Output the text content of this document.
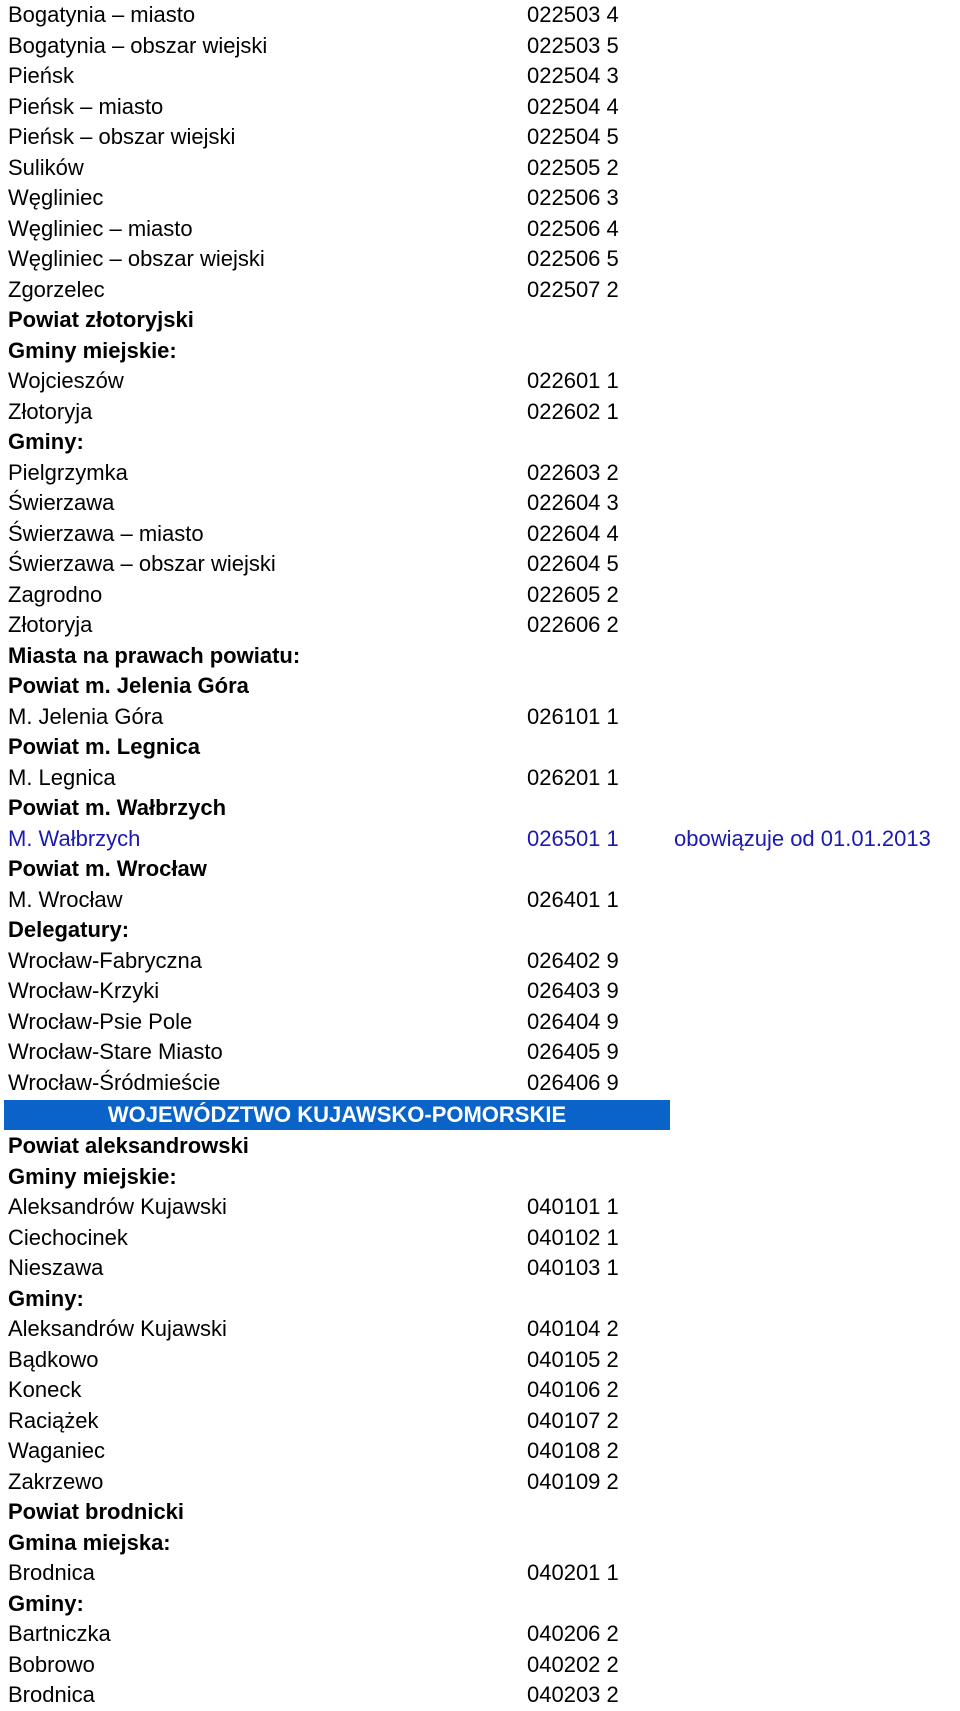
Bogatynia – miasto	022503 4
Bogatynia – obszar wiejski	022503 5
Pieńsk	022504 3
Pieńsk – miasto	022504 4
Pieńsk – obszar wiejski	022504 5
Sulików	022505 2
Węgliniec	022506 3
Węgliniec – miasto	022506 4
Węgliniec – obszar wiejski	022506 5
Zgorzelec	022507 2
Powiat złotoryjski
Gminy miejskie:
Wojcieszów	022601 1
Złotoryja	022602 1
Gminy:
Pielgrzymka	022603 2
Świerzawa	022604 3
Świerzawa – miasto	022604 4
Świerzawa – obszar wiejski	022604 5
Zagrodno	022605 2
Złotoryja	022606 2
Miasta na prawach powiatu:
Powiat m. Jelenia Góra
M. Jelenia Góra	026101 1
Powiat m. Legnica
M. Legnica	026201 1
Powiat m. Wałbrzych
M. Wałbrzych	026501 1	obowiązuje od 01.01.2013
Powiat m. Wrocław
M. Wrocław	026401 1
Delegatury:
Wrocław-Fabryczna	026402 9
Wrocław-Krzyki	026403 9
Wrocław-Psie Pole	026404 9
Wrocław-Stare Miasto	026405 9
Wrocław-Śródmieście	026406 9
WOJEWÓDZTWO KUJAWSKO-POMORSKIE
Powiat aleksandrowski
Gminy miejskie:
Aleksandrów Kujawski	040101 1
Ciechocinek	040102 1
Nieszawa	040103 1
Gminy:
Aleksandrów Kujawski	040104 2
Bądkowo	040105 2
Koneck	040106 2
Raciążek	040107 2
Waganiec	040108 2
Zakrzewo	040109 2
Powiat brodnicki
Gmina miejska:
Brodnica	040201 1
Gminy:
Bartniczka	040206 2
Bobrowo	040202 2
Brodnica	040203 2
